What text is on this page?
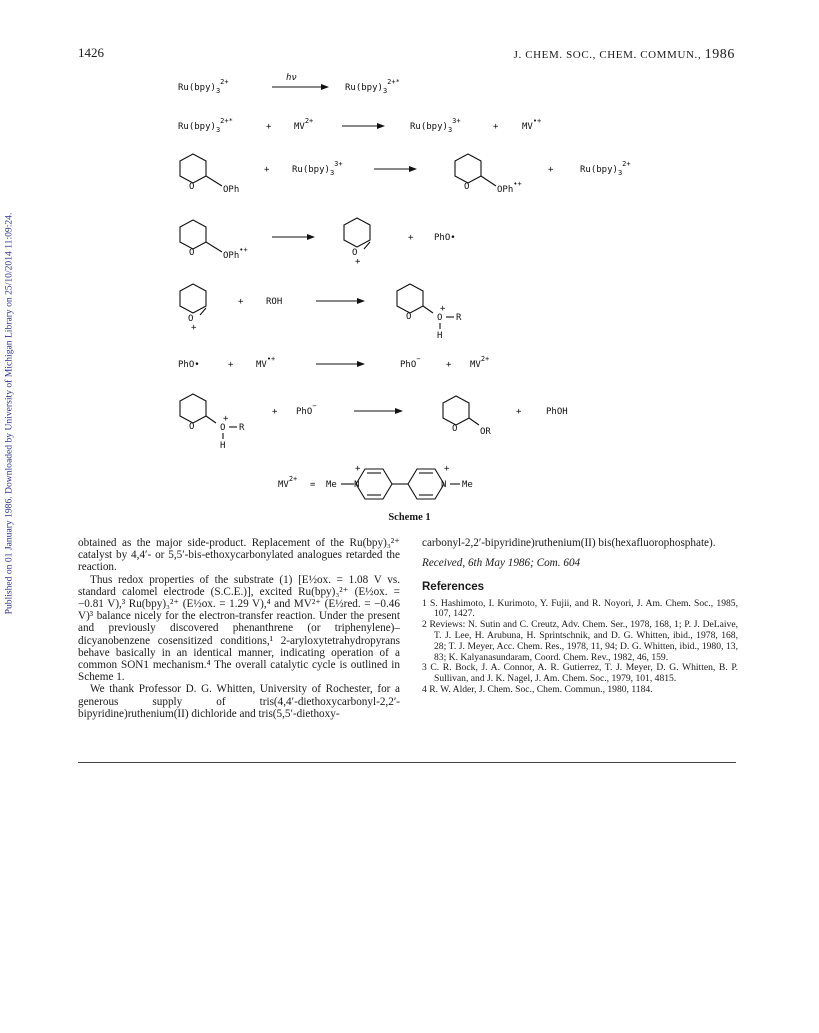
Published on 01 January 1986. Downloaded by University of Michigan Library on 25/10/2014 11:09:24.
1426	J. CHEM. SOC., CHEM. COMMUN., 1986
$Ru(bpy)_3^{2+}$	hν
$Ru(bpy)_3^{2+*}$
$Ru(bpy)_3^{2+*}$
+	$MV^{2+}$
$Ru(bpy)_3^{3+}$
+	MV•+
O	OPh
+	$Ru(bpy)_3^{3+}$
O	OPh•+
+	$Ru(bpy)_3^{2+}$
O	OPh•+	O
+
+ PhO•
O
+
+	ROH
O
+
O R
H
PhO•	+	MV•+
PhO−
+ $MV^{2+}$
O
+
O R
H
+ PhO−
O	OR
+	PhOH
$MV^{2+}$
= Me N
+
N
+
Me
Scheme 1

obtained as the major side-product. Replacement of the Ru(bpy)₃²⁺ catalyst by 4,4′- or 5,5′-bis-ethoxycarbonylated analogues retarded the reaction.

Thus redox properties of the substrate (1) [E½ox. = 1.08 V vs. standard calomel electrode (S.C.E.)], excited Ru(bpy)₃²⁺ (E½ox. = −0.81 V),³ Ru(bpy)₃²⁺ (E½ox. = 1.29 V),⁴ and MV²⁺ (E½red. = −0.46 V)³ balance nicely for the electron-transfer reaction. Under the present and previously discovered phenanthrene (or triphenylene)–dicyanobenzene cosensitized conditions,¹ 2-aryloxytetrahydropyrans behave basically in an identical manner, indicating operation of a common SON1 mechanism.⁴ The overall catalytic cycle is outlined in Scheme 1.

We thank Professor D. G. Whitten, University of Rochester, for a generous supply of tris(4,4′-diethoxycarbonyl-2,2′-bipyridine)ruthenium(II) dichloride and tris(5,5′-diethoxy-

carbonyl-2,2′-bipyridine)ruthenium(II) bis(hexafluorophosphate).

Received, 6th May 1986; Com. 604

References

1 S. Hashimoto, I. Kurimoto, Y. Fujii, and R. Noyori, J. Am. Chem. Soc., 1985, 107, 1427.

2 Reviews: N. Sutin and C. Creutz, Adv. Chem. Ser., 1978, 168, 1; P. J. DeLaive, T. J. Lee, H. Arubuna, H. Sprintschnik, and D. G. Whitten, ibid., 1978, 168, 28; T. J. Meyer, Acc. Chem. Res., 1978, 11, 94; D. G. Whitten, ibid., 1980, 13, 83; K. Kalyanasundaram, Coord. Chem. Rev., 1982, 46, 159.

3 C. R. Bock, J. A. Connor, A. R. Gutierrez, T. J. Meyer, D. G. Whitten, B. P. Sullivan, and J. K. Nagel, J. Am. Chem. Soc., 1979, 101, 4815.

4 R. W. Alder, J. Chem. Soc., Chem. Commun., 1980, 1184.
